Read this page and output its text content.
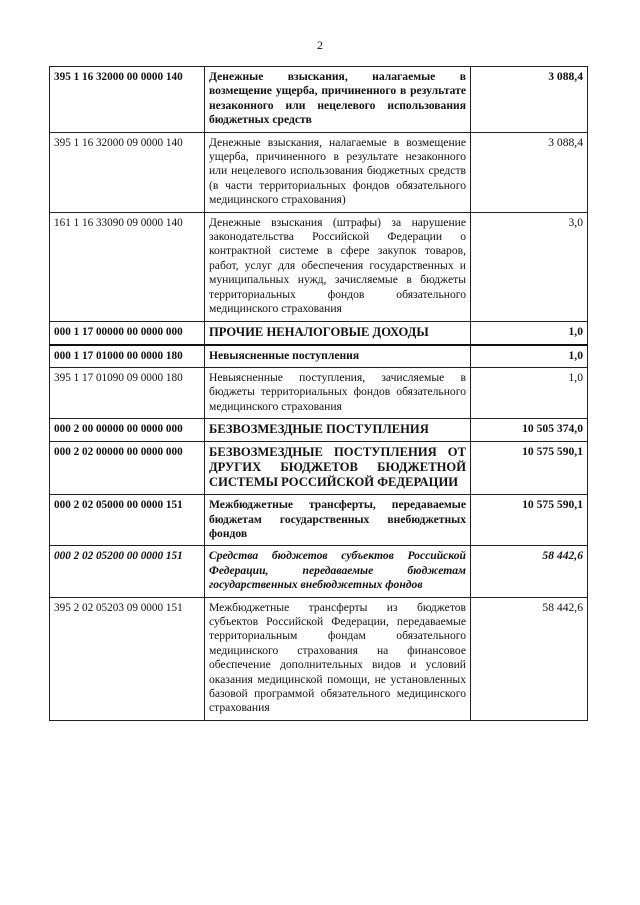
2
395 1 16 32000 00 0000 140	Денежные взыскания, налагаемые в возмещение ущерба, причиненного в результате незаконного или нецелевого использования бюджетных средств	3 088,4
395 1 16 32000 09 0000 140	Денежные взыскания, налагаемые в возмещение ущерба, причиненного в результате незаконного или нецелевого использования бюджетных средств (в части территориальных фондов обязательного медицинского страхования)	3 088,4
161 1 16 33090 09 0000 140	Денежные взыскания (штрафы) за нарушение законодательства Российской Федерации о контрактной системе в сфере закупок товаров, работ, услуг для обеспечения государственных и муниципальных нужд, зачисляемые в бюджеты территориальных фондов обязательного медицинского страхования	3,0
000 1 17 00000 00 0000 000	ПРОЧИЕ НЕНАЛОГОВЫЕ ДОХОДЫ	1,0
000 1 17 01000 00 0000 180	Невыясненные поступления	1,0
395 1 17 01090 09 0000 180	Невыясненные поступления, зачисляемые в бюджеты территориальных фондов обязательного медицинского страхования	1,0
000 2 00 00000 00 0000 000	БЕЗВОЗМЕЗДНЫЕ ПОСТУПЛЕНИЯ	10 505 374,0
000 2 02 00000 00 0000 000	БЕЗВОЗМЕЗДНЫЕ ПОСТУПЛЕНИЯ ОТ ДРУГИХ БЮДЖЕТОВ БЮДЖЕТНОЙ СИСТЕМЫ РОССИЙСКОЙ ФЕДЕРАЦИИ	10 575 590,1
000 2 02 05000 00 0000 151	Межбюджетные трансферты, передаваемые бюджетам государственных внебюджетных фондов	10 575 590,1
000 2 02 05200 00 0000 151	Средства бюджетов субъектов Российской Федерации, передаваемые бюджетам государственных внебюджетных фондов	58 442,6
395 2 02 05203 09 0000 151	Межбюджетные трансферты из бюджетов субъектов Российской Федерации, передаваемые территориальным фондам обязательного медицинского страхования на финансовое обеспечение дополнительных видов и условий оказания медицинской помощи, не установленных базовой программой обязательного медицинского страхования	58 442,6
